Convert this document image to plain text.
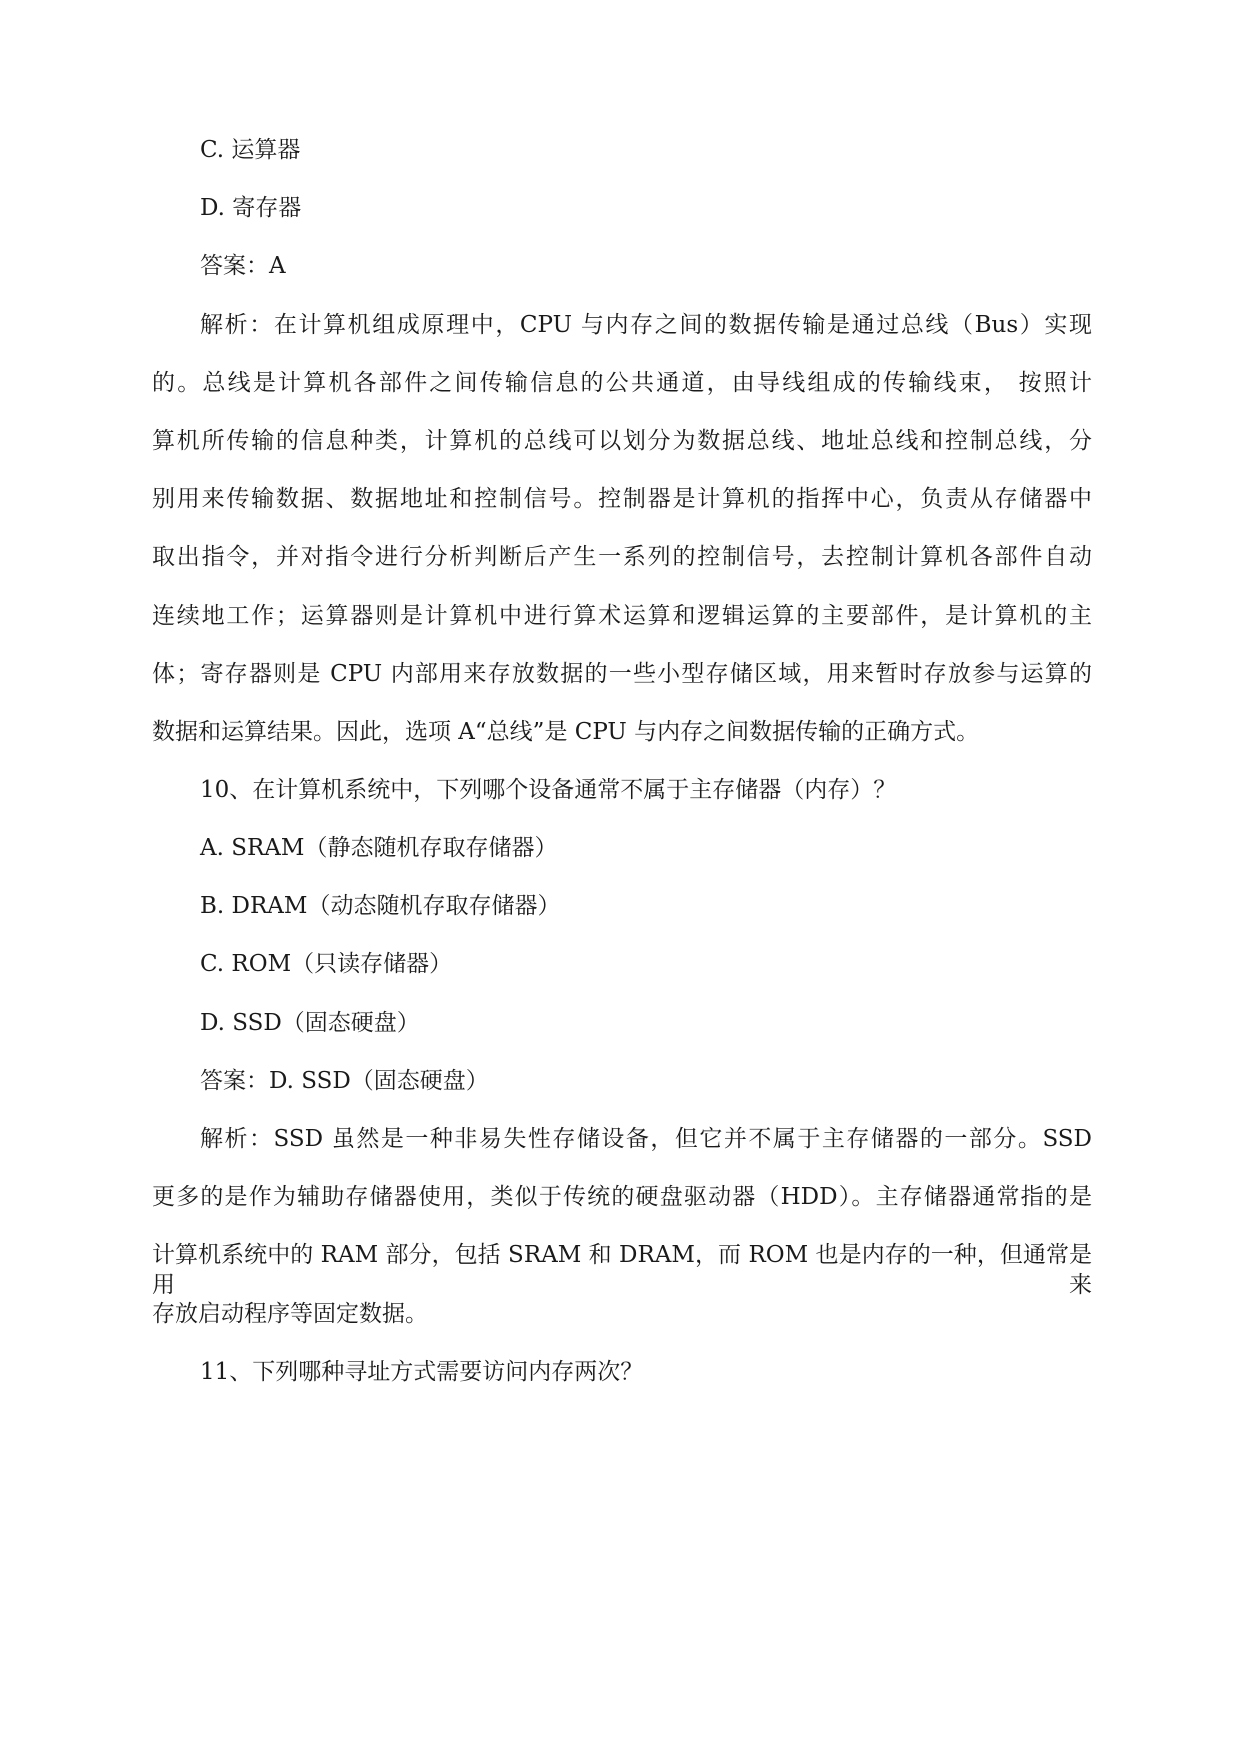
C. 运算器
D. 寄存器
答案：A
解析：在计算机组成原理中，CPU 与内存之间的数据传输是通过总线（Bus）实现
的。总线是计算机各部件之间传输信息的公共通道，由导线组成的传输线束， 按照计
算机所传输的信息种类，计算机的总线可以划分为数据总线、地址总线和控制总线，分
别用来传输数据、数据地址和控制信号。控制器是计算机的指挥中心，负责从存储器中
取出指令，并对指令进行分析判断后产生一系列的控制信号，去控制计算机各部件自动
连续地工作；运算器则是计算机中进行算术运算和逻辑运算的主要部件，是计算机的主
体；寄存器则是 CPU 内部用来存放数据的一些小型存储区域，用来暂时存放参与运算的
数据和运算结果。因此，选项 A“总线”是 CPU 与内存之间数据传输的正确方式。
10、在计算机系统中，下列哪个设备通常不属于主存储器（内存）？
A. SRAM（静态随机存取存储器）
B. DRAM（动态随机存取存储器）
C. ROM（只读存储器）
D. SSD（固态硬盘）
答案：D. SSD（固态硬盘）
解析：SSD 虽然是一种非易失性存储设备，但它并不属于主存储器的一部分。SSD
更多的是作为辅助存储器使用，类似于传统的硬盘驱动器（HDD）。主存储器通常指的是
计算机系统中的 RAM 部分，包括 SRAM 和 DRAM，而 ROM 也是内存的一种，但通常是用来
存放启动程序等固定数据。
11、下列哪种寻址方式需要访问内存两次？
